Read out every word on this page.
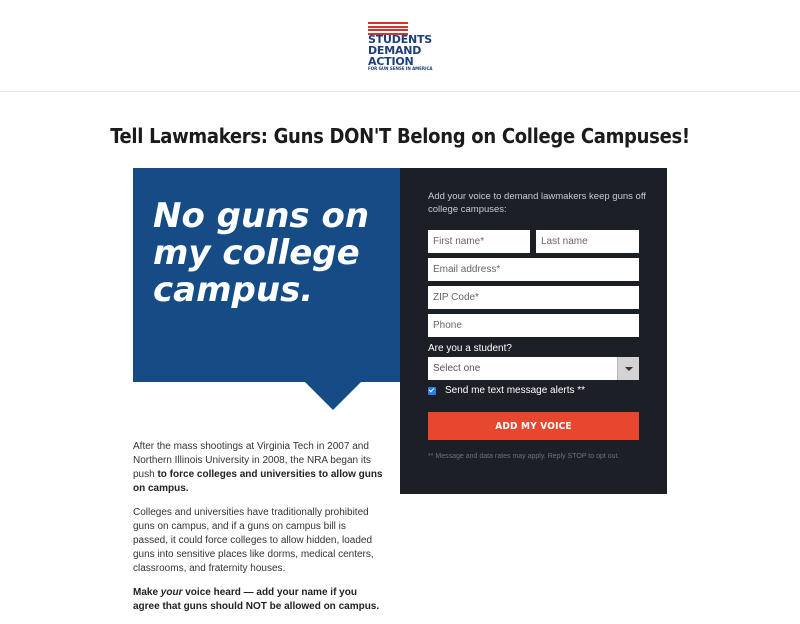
STUDENTS
DEMAND
ACTION
FOR GUN SENSE IN AMERICA
Tell Lawmakers: Guns DON'T Belong on College Campuses!
No guns on my college campus.

After the mass shootings at Virginia Tech in 2007 and Northern Illinois University in 2008, the NRA began its push to force colleges and universities to allow guns on campus.

Colleges and universities have traditionally prohibited guns on campus, and if a guns on campus bill is passed, it could force colleges to allow hidden, loaded guns into sensitive places like dorms, medical centers, classrooms, and fraternity houses.

Make your voice heard — add your name if you agree that guns should NOT be allowed on campus.

Add your voice to demand lawmakers keep guns off college campuses:
First name*
Last name
Email address*
ZIP Code*
Phone
Are you a student?
Select one
Send me text message alerts **
ADD MY VOICE
** Message and data rates may apply. Reply STOP to opt out.
